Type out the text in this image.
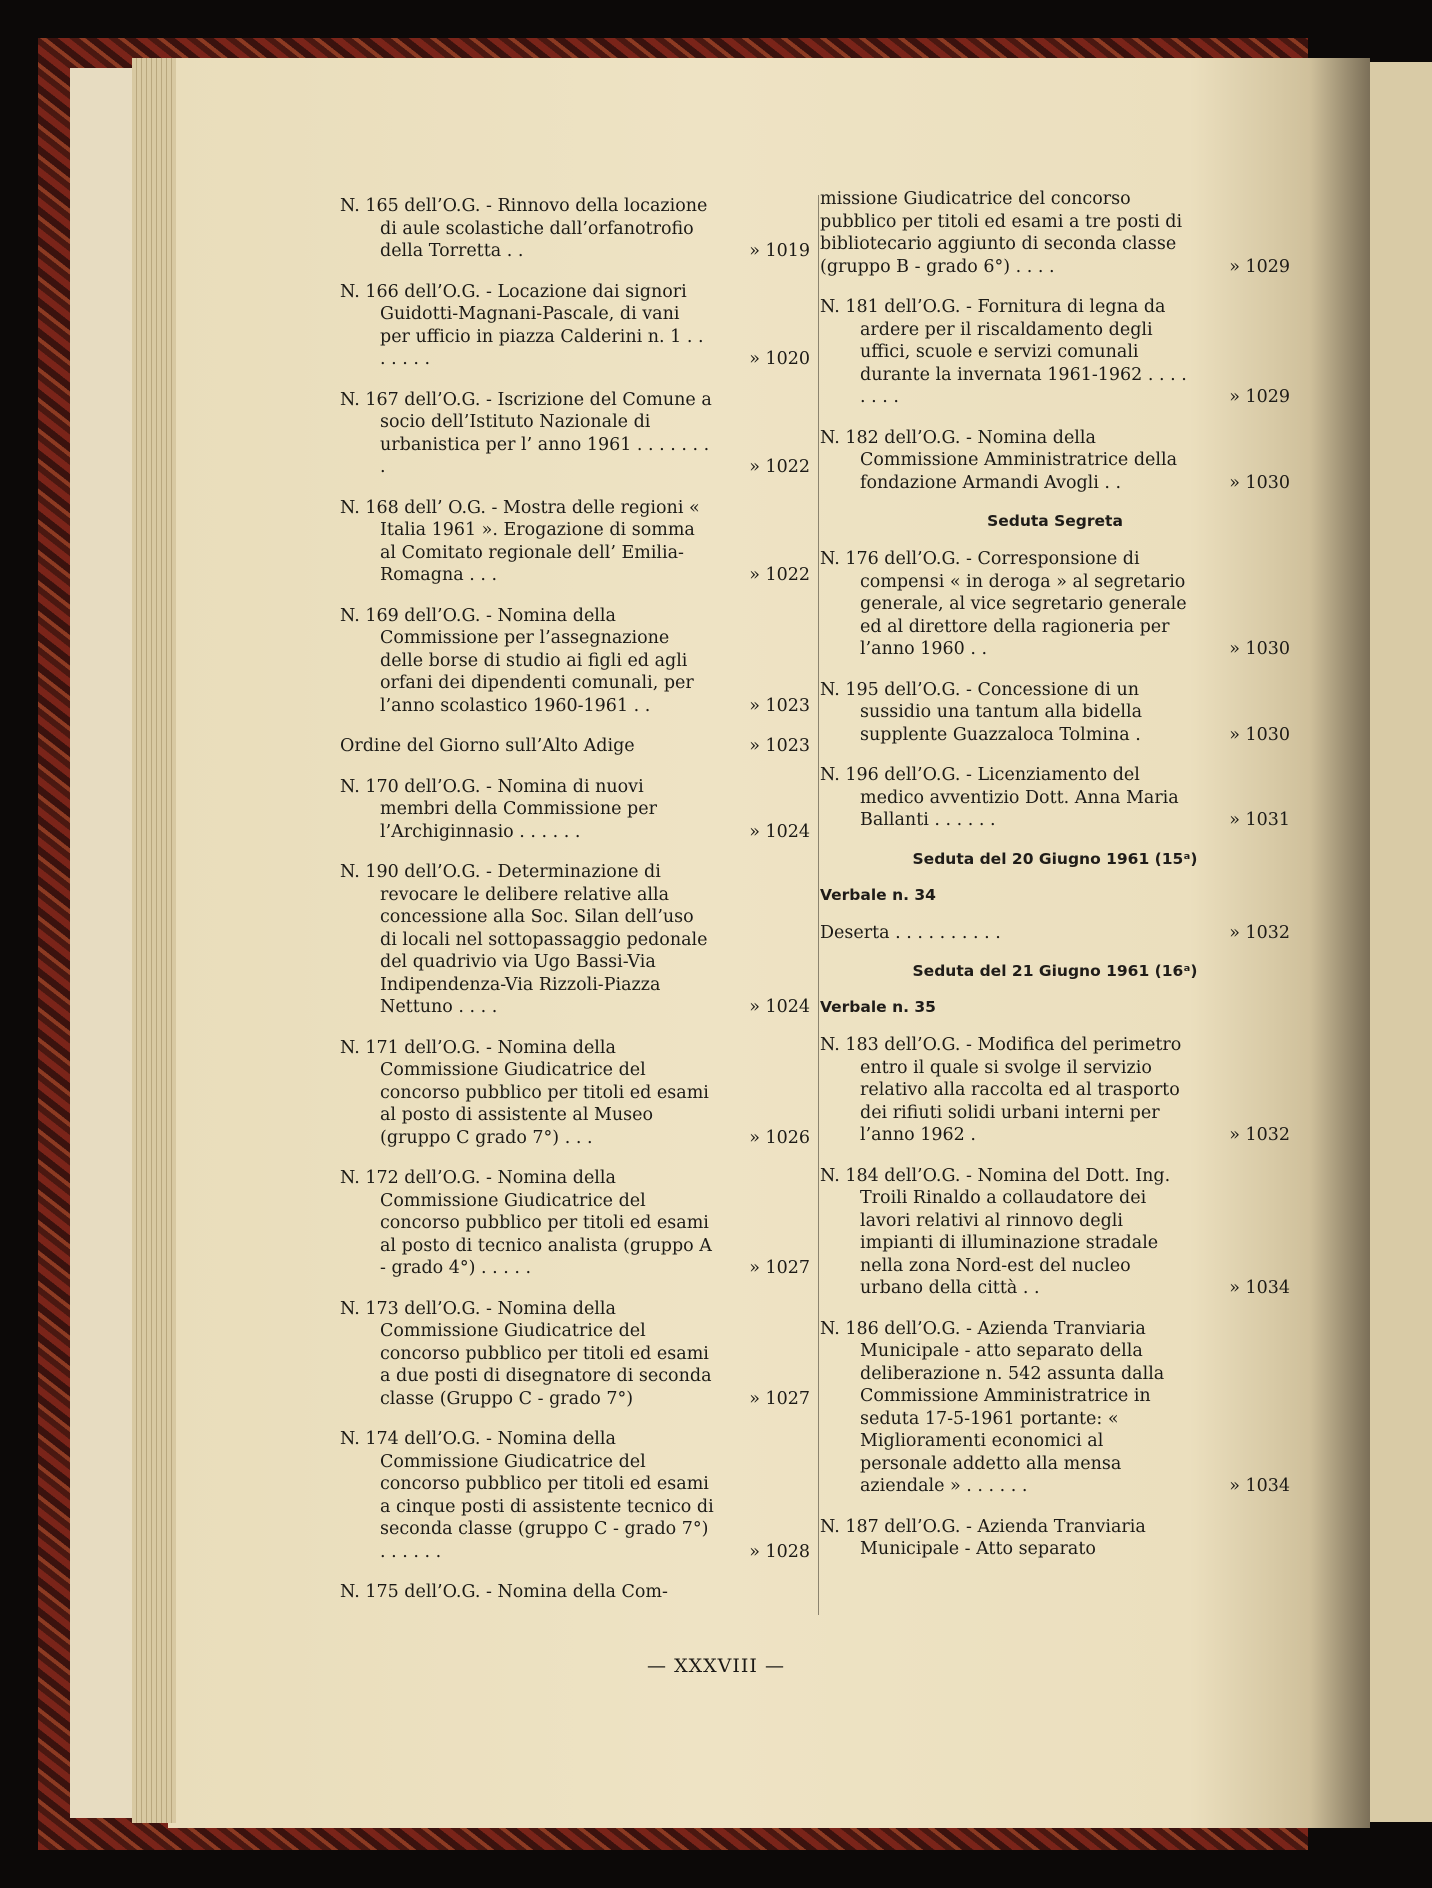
N. 165 dell’O.G. - Rinnovo della locazione di aule scolastiche dall’orfanotrofio della Torretta . .	» 1019
N. 166 dell’O.G. - Locazione dai signori Guidotti-Magnani-Pascale, di vani per ufficio in piazza Calderini n. 1 . . . . . . .	» 1020
N. 167 dell’O.G. - Iscrizione del Comune a socio dell’Istituto Nazionale di urbanistica per l’ anno 1961 . . . . . . . .	» 1022
N. 168 dell’ O.G. - Mostra delle regioni « Italia 1961 ». Erogazione di somma al Comitato regionale dell’ Emilia-Romagna . . .	» 1022
N. 169 dell’O.G. - Nomina della Commissione per l’assegnazione delle borse di studio ai figli ed agli orfani dei dipendenti comunali, per l’anno scolastico 1960-1961 . .	» 1023
Ordine del Giorno sull’Alto Adige	» 1023
N. 170 dell’O.G. - Nomina di nuovi membri della Commissione per l’Archiginnasio . . . . . .	» 1024
N. 190 dell’O.G. - Determinazione di revocare le delibere relative alla concessione alla Soc. Silan dell’uso di locali nel sottopassaggio pedonale del quadrivio via Ugo Bassi-Via Indipendenza-Via Rizzoli-Piazza Nettuno . . . .	» 1024
N. 171 dell’O.G. - Nomina della Commissione Giudicatrice del concorso pubblico per titoli ed esami al posto di assistente al Museo (gruppo C grado 7°) . . .	» 1026
N. 172 dell’O.G. - Nomina della Commissione Giudicatrice del concorso pubblico per titoli ed esami al posto di tecnico analista (gruppo A - grado 4°) . . . . .	» 1027
N. 173 dell’O.G. - Nomina della Commissione Giudicatrice del concorso pubblico per titoli ed esami a due posti di disegnatore di seconda classe (Gruppo C - grado 7°)	» 1027
N. 174 dell’O.G. - Nomina della Commissione Giudicatrice del concorso pubblico per titoli ed esami a cinque posti di assistente tecnico di seconda classe (gruppo C - grado 7°) . . . . . .	» 1028
N. 175 dell’O.G. - Nomina della Com-
missione Giudicatrice del concorso pubblico per titoli ed esami a tre posti di bibliotecario aggiunto di seconda classe (gruppo B - grado 6°) . . . .	» 1029
N. 181 dell’O.G. - Fornitura di legna da ardere per il riscaldamento degli uffici, scuole e servizi comunali durante la invernata 1961-1962 . . . . . . . .	» 1029
N. 182 dell’O.G. - Nomina della Commissione Amministratrice della fondazione Armandi Avogli . .	» 1030
Seduta Segreta
N. 176 dell’O.G. - Corresponsione di compensi « in deroga » al segretario generale, al vice segretario generale ed al direttore della ragioneria per l’anno 1960 . .	» 1030
N. 195 dell’O.G. - Concessione di un sussidio una tantum alla bidella supplente Guazzaloca Tolmina .	» 1030
N. 196 dell’O.G. - Licenziamento del medico avventizio Dott. Anna Maria Ballanti . . . . . .	» 1031
Seduta del 20 Giugno 1961 (15ᵃ)
Verbale n. 34
Deserta . . . . . . . . . .	» 1032
Seduta del 21 Giugno 1961 (16ᵃ)
Verbale n. 35
N. 183 dell’O.G. - Modifica del perimetro entro il quale si svolge il servizio relativo alla raccolta ed al trasporto dei rifiuti solidi urbani interni per l’anno 1962 .	» 1032
N. 184 dell’O.G. - Nomina del Dott. Ing. Troili Rinaldo a collaudatore dei lavori relativi al rinnovo degli impianti di illuminazione stradale nella zona Nord-est del nucleo urbano della città . .	» 1034
N. 186 dell’O.G. - Azienda Tranviaria Municipale - atto separato della deliberazione n. 542 assunta dalla Commissione Amministratrice in seduta 17-5-1961 portante: « Miglioramenti economici al personale addetto alla mensa aziendale » . . . . . .	» 1034
N. 187 dell’O.G. - Azienda Tranviaria Municipale - Atto separato
— XXXVIII —
